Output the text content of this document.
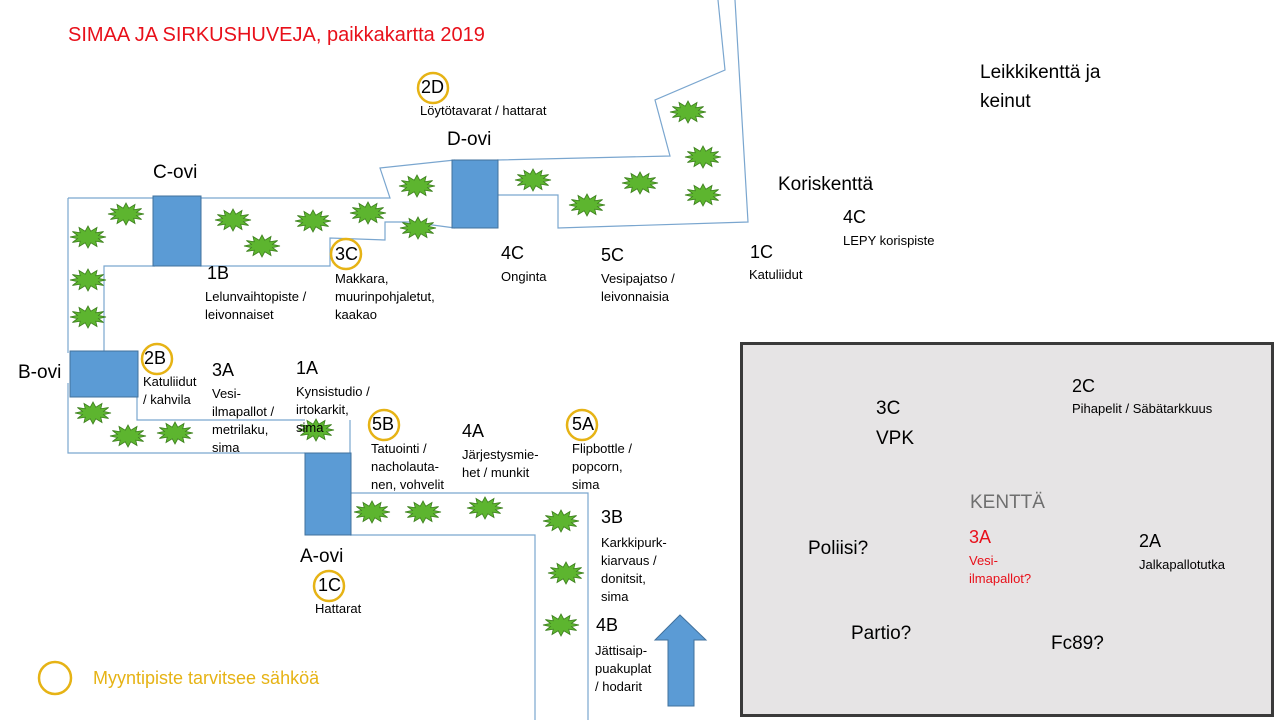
SIMAA JA SIRKUSHUVEJA, paikkakartta 2019
C-ovi
D-ovi
B-ovi
A-ovi
Leikkikenttä ja
keinut
Koriskenttä
2D
Löytötavarat / hattarat
1B
Lelunvaihtopiste /
leivonnaiset
3C
Makkara,
muurinpohjaletut,
kaakao
4C
Onginta
5C
Vesipajatso /
leivonnaisia
1C
Katuliidut
4C
LEPY korispiste
2B
Katuliidut
/ kahvila
3A
Vesi-
ilmapallot /
metrilaku,
sima
1A
Kynsistudio /
irtokarkit,
sima	5B
Tatuointi /
nacholauta-
nen, vohvelit
4A
Järjestysmie-
het / munkit
5A
Flipbottle /
popcorn,
sima
3B
Karkkipurk-
kiarvaus /
donitsit,
sima
1C
Hattarat
4B
Jättisaip-
puakuplat
/ hodarit
3C
VPK
2C
Pihapelit / Säbätarkkuus
KENTTÄ
Poliisi?
3A
Vesi-
ilmapallot?
2A
Jalkapallotutka
Partio?	Fc89?
Myyntipiste tarvitsee sähköä
